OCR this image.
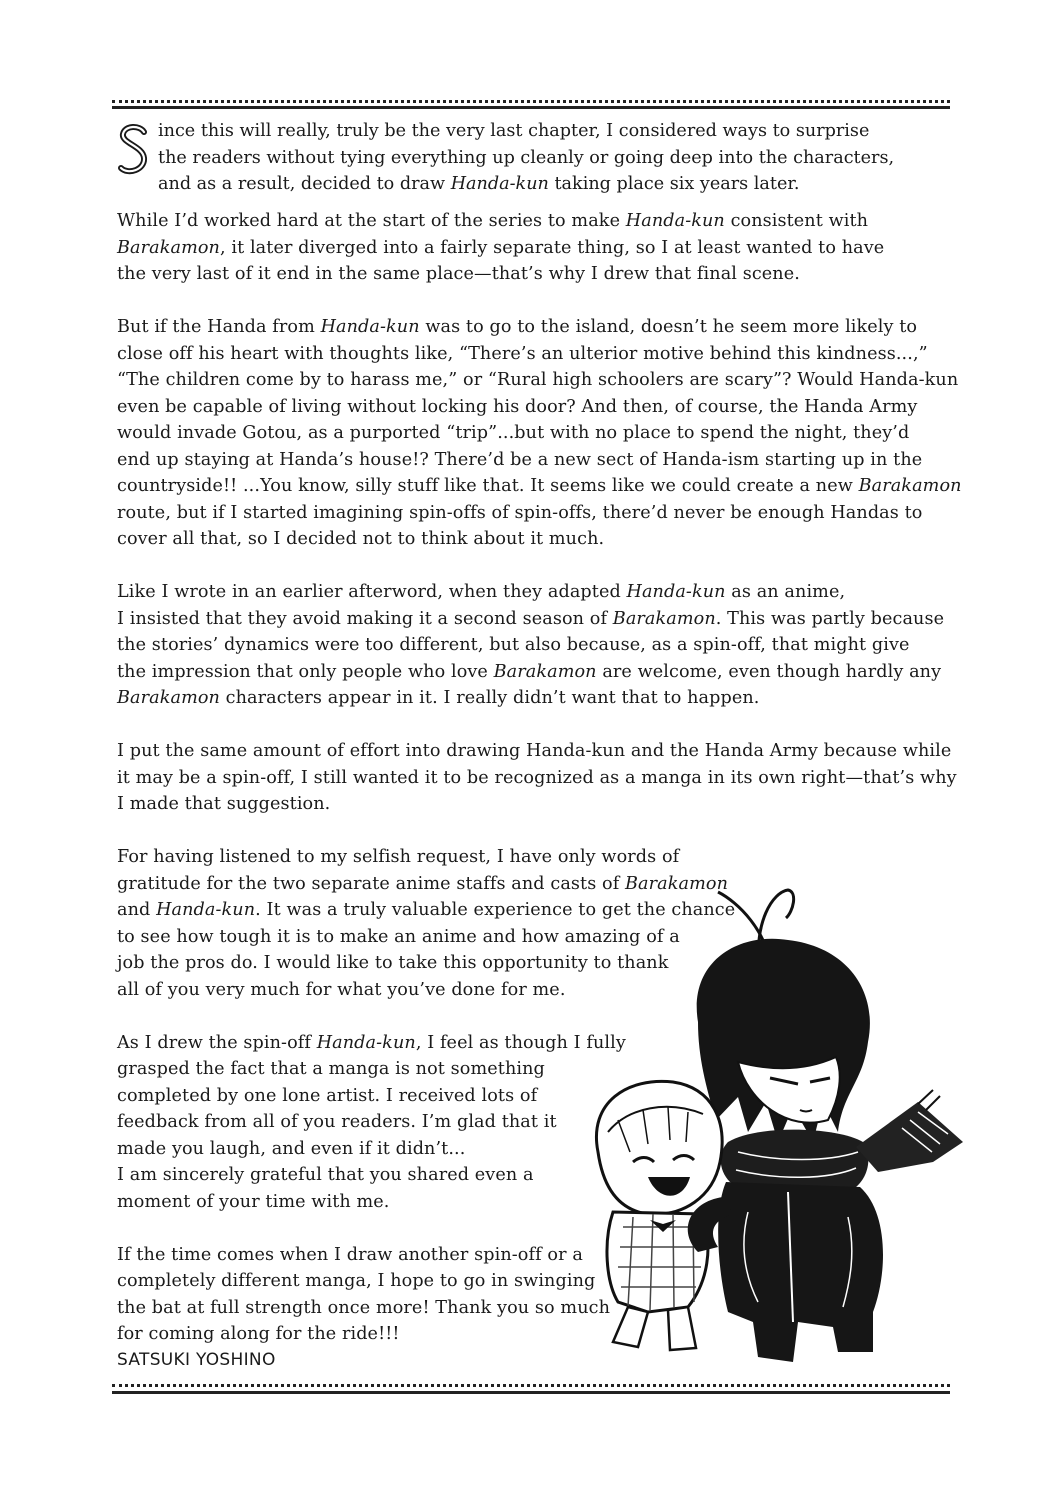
ince this will really, truly be the very last chapter, I considered ways to surprise
the readers without tying everything up cleanly or going deep into the characters,
and as a result, decided to draw Handa-kun taking place six years later.
While I’d worked hard at the start of the series to make Handa-kun consistent with
Barakamon, it later diverged into a fairly separate thing, so I at least wanted to have
the very last of it end in the same place—that’s why I drew that final scene.
But if the Handa from Handa-kun was to go to the island, doesn’t he seem more likely to
close off his heart with thoughts like, “There’s an ulterior motive behind this kindness...,”
“The children come by to harass me,” or “Rural high schoolers are scary”? Would Handa-kun
even be capable of living without locking his door? And then, of course, the Handa Army
would invade Gotou, as a purported “trip”...but with no place to spend the night, they’d
end up staying at Handa’s house!? There’d be a new sect of Handa-ism starting up in the
countryside!! ...You know, silly stuff like that. It seems like we could create a new Barakamon
route, but if I started imagining spin-offs of spin-offs, there’d never be enough Handas to
cover all that, so I decided not to think about it much.
Like I wrote in an earlier afterword, when they adapted Handa-kun as an anime,
I insisted that they avoid making it a second season of Barakamon. This was partly because
the stories’ dynamics were too different, but also because, as a spin-off, that might give
the impression that only people who love Barakamon are welcome, even though hardly any
Barakamon characters appear in it. I really didn’t want that to happen.
I put the same amount of effort into drawing Handa-kun and the Handa Army because while
it may be a spin-off, I still wanted it to be recognized as a manga in its own right—that’s why
I made that suggestion.
For having listened to my selfish request, I have only words of
gratitude for the two separate anime staffs and casts of Barakamon
and Handa-kun. It was a truly valuable experience to get the chance
to see how tough it is to make an anime and how amazing of a
job the pros do. I would like to take this opportunity to thank
all of you very much for what you’ve done for me.
As I drew the spin-off Handa-kun, I feel as though I fully
grasped the fact that a manga is not something
completed by one lone artist. I received lots of
feedback from all of you readers. I’m glad that it
made you laugh, and even if it didn’t...
I am sincerely grateful that you shared even a
moment of your time with me.
If the time comes when I draw another spin-off or a
completely different manga, I hope to go in swinging
the bat at full strength once more! Thank you so much
for coming along for the ride!!!
SATSUKI YOSHINO
